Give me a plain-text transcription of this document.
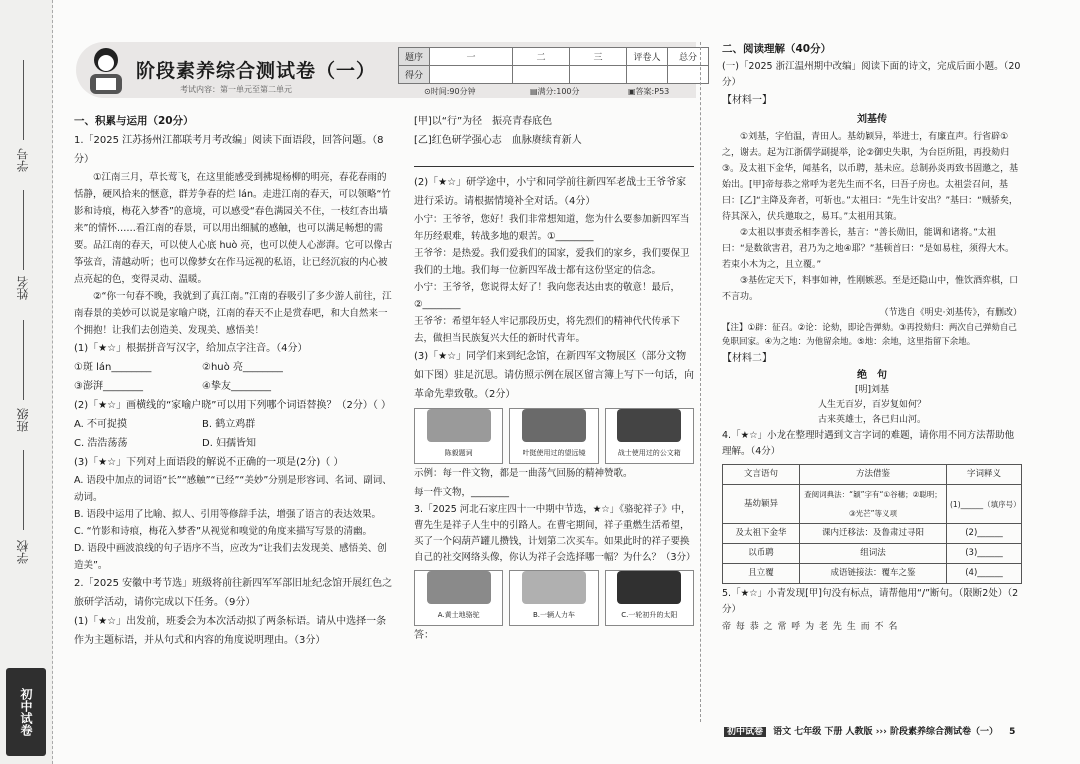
学号
姓名
班级
学校
初中试卷
阶段素养综合测试卷（一）
考试内容：第一单元至第二单元
题序	一	二	三	评卷人	总分
得分					
⊙时间:90分钟	▤满分:100分	▣答案:P53

一、积累与运用（20分）

1.「2025 江苏扬州江都联考月考改编」阅读下面语段，回答问题。（8分）

①江南三月，草长莺飞，在这里能感受到拂堤杨柳的明亮，春花春雨的恬静，硬风拾来的惬意，群芳争春的烂 lán。走进江南的春天，可以领略“竹影和诗痕，梅花入梦香”的意境，可以感受“春色满园关不住，一枝红杏出墙来”的情怀……看江南的春景，可以用出细腻的感触，也可以满足畅想的需要。品江南的春天，可以使人心底 huò 亮，也可以使人心澎湃。它可以像古筝弦音，清越动听；也可以像梦女在作马远视的私语，让已经沉寂的内心被点亮起的色，变得灵动、温暖。

②“你一句春不晚，我就到了真江南。”江南的春吸引了多少游人前往，江南春景的美妙可以说是家喻户晓，江南的春天不止是赏春吧，和大自然来一个拥抱！让我们去创造美、发现美、感悟美！

(1)「★☆」根据拼音写汉字，给加点字注音。（4分）

①斑 lán________	②huò 亮________

③澎湃________	④挚友________

(2)「★☆」画横线的“家喻户晓”可以用下列哪个词语替换？（2分）（ ）

A. 不可捉摸	B. 鹤立鸡群

C. 浩浩荡荡	D. 妇孺皆知

(3)「★☆」下列对上面语段的解说不正确的一项是(2分)（ ）

A. 语段中加点的词语“长”“感触”“已经”“美妙”分别是形容词、名词、副词、动词。

B. 语段中运用了比喻、拟人、引用等修辞手法，增强了语言的表达效果。

C. “竹影和诗痕，梅花入梦香”从视觉和嗅觉的角度来描写写景的清幽。

D. 语段中画波浪线的句子语序不当，应改为“让我们去发现美、感悟美、创造美”。

2.「2025 安徽中考节选」班级将前往新四军军部旧址纪念馆开展红色之旅研学活动，请你完成以下任务。（9分）

(1)「★☆」出发前，班委会为本次活动拟了两条标语。请从中选择一条作为主题标语，并从句式和内容的角度说明理由。（3分）

[甲]以“行”为径　振亮青春底色

[乙]红色研学强心志　血脉赓续育新人

(2)「★☆」研学途中，小宁和同学前往新四军老战士王爷爷家进行采访。请根据情境补全对话。（4分）

小宁：王爷爷，您好！我们非常想知道，您为什么要参加新四军当年历经艰难，转战多地的艰苦。①________

王爷爷：是热爱。我们爱我们的国家，爱我们的家乡，我们要保卫我们的土地。我们每一位新四军战士都有这份坚定的信念。

小宁：王爷爷，您说得太好了！我向您表达由衷的敬意！最后，②________

王爷爷：希望年轻人牢记那段历史，将先烈们的精神代代传承下去，做担当民族复兴大任的新时代青年。

(3)「★☆」同学们来到纪念馆，在新四军文物展区（部分文物如下图）驻足沉思。请仿照示例在展区留言簿上写下一句话，向革命先辈致敬。（2分）

陈毅题词	叶挺使用过的望远镜	战士使用过的公文箱

示例：每一件文物，都是一曲荡气回肠的精神赞歌。

每一件文物，________

3.「2025 河北石家庄四十一中期中节选，★☆」《骆驼祥子》中，曹先生是祥子人生中的引路人。在曹宅期间，祥子重燃生活希望，买了一个闷葫芦罐儿攒钱，计划第二次买车。如果此时的祥子要换自己的社交网络头像，你认为祥子会选择哪一幅？为什么？（3分）

A.黄土地骆驼	B.一辆人力车	C.一轮初升的太阳

答：

二、阅读理解（40分）

(一)「2025 浙江温州期中改编」阅读下面的诗文，完成后面小题。（20分）

【材料一】

刘基传

①刘基，字伯温，青田人。基幼颖异，举进士，有廉直声。行省辟①之，谢去。起为江浙儒学副提举，论②御史失职，为台臣所阻，再投劾归③。及太祖下金华，闻基名，以币聘，基未应。总制孙炎再致书固邀之，基始出。[甲]帝每恭之常呼为老先生而不名，曰吾子房也。太祖尝召问，基曰：[乙]“主降及奔者，可斩也。”太祖曰：“先生计安出？”基曰：“贼骄矣，待其深入，伏兵邀取之，易耳。”太祖用其策。

②太祖以事责丞相李善长，基言：“善长勋旧，能调和诸将。”太祖曰：“是数欲害君，君乃为之地④耶？”基顿首曰：“是如易柱，须得大木。若束小木为之，且立覆。”

③基佐定天下，料事如神，性刚嫉恶。至是还隐山中，惟饮酒弈棋，口不言功。

（节选自《明史·刘基传》，有删改）

【注】①辟：征召。②论：论劾，即论告弹劾。③再投劾归：两次自己弹劾自己免职回家。④为之地：为他留余地。⑤地：余地，这里指留下余地。

【材料二】

绝　句

[明]刘基

人生无百岁，百岁复如何？

古来英雄士，各已归山河。

4.「★☆」小龙在整理时遇到文言字词的难题，请你用不同方法帮助他理解。（4分）

文言语句	方法借鉴	字词释义
基幼颖异	查阅词典法：“颖”字有“①谷穗；②聪明；③光芒”等义项	(1)______（填序号）
及太祖下金华	课内迁移法：及鲁肃过寻阳	(2)______
以币聘	组词法	(3)______
且立覆	成语链接法：覆车之鉴	(4)______

5.「★☆」小青发现[甲]句没有标点，请帮他用“/”断句。（限断2处）（2分）

帝 每 恭 之 常 呼 为 老 先 生 而 不 名

初中试卷 语文 七年级 下册 人教版 ››› 阶段素养综合测试卷（一） 5
